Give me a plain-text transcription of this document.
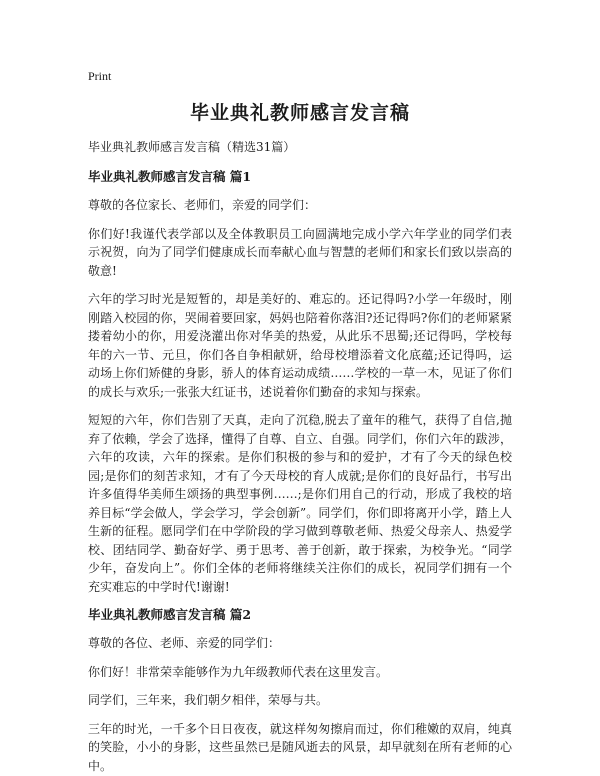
Print
毕业典礼教师感言发言稿
毕业典礼教师感言发言稿（精选31篇）
毕业典礼教师感言发言稿 篇1

尊敬的各位家长、老师们，亲爱的同学们：

你们好!我谨代表学部以及全体教职员工向圆满地完成小学六年学业的同学们表示祝贺，向为了同学们健康成长而奉献心血与智慧的老师们和家长们致以崇高的敬意!

六年的学习时光是短暂的，却是美好的、难忘的。还记得吗?小学一年级时，刚刚踏入校园的你，哭闹着要回家，妈妈也陪着你落泪?还记得吗?你们的老师紧紧搂着幼小的你，用爱浇灌出你对华美的热爱，从此乐不思蜀;还记得吗，学校每年的六一节、元旦，你们各自争相献妍，给母校增添着文化底蕴;还记得吗，运动场上你们矫健的身影，骄人的体育运动成绩……学校的一草一木，见证了你们的成长与欢乐;一张张大红证书，述说着你们勤奋的求知与探索。

短短的六年，你们告别了天真，走向了沉稳,脱去了童年的稚气，获得了自信,抛弃了依赖，学会了选择，懂得了自尊、自立、自强。同学们，你们六年的跋涉，六年的攻读，六年的探索。是你们积极的参与和的爱护，才有了今天的绿色校园;是你们的刻苦求知，才有了今天母校的育人成就;是你们的良好品行，书写出许多值得华美师生颂扬的典型事例……;是你们用自己的行动，形成了我校的培养目标“学会做人，学会学习，学会创新”。同学们，你们即将离开小学，踏上人生新的征程。愿同学们在中学阶段的学习做到尊敬老师、热爱父母亲人、热爱学校、团结同学、勤奋好学、勇于思考、善于创新，敢于探索，为校争光。“同学少年，奋发向上”。你们全体的老师将继续关注你们的成长，祝同学们拥有一个充实难忘的中学时代!谢谢!

毕业典礼教师感言发言稿 篇2

尊敬的各位、老师、亲爱的同学们：

你们好！非常荣幸能够作为九年级教师代表在这里发言。

同学们，三年来，我们朝夕相伴，荣辱与共。

三年的时光，一千多个日日夜夜，就这样匆匆擦肩而过，你们稚嫩的双肩，纯真的笑脸，小小的身影，这些虽然已是随风逝去的风景，却早就刻在所有老师的心中。
